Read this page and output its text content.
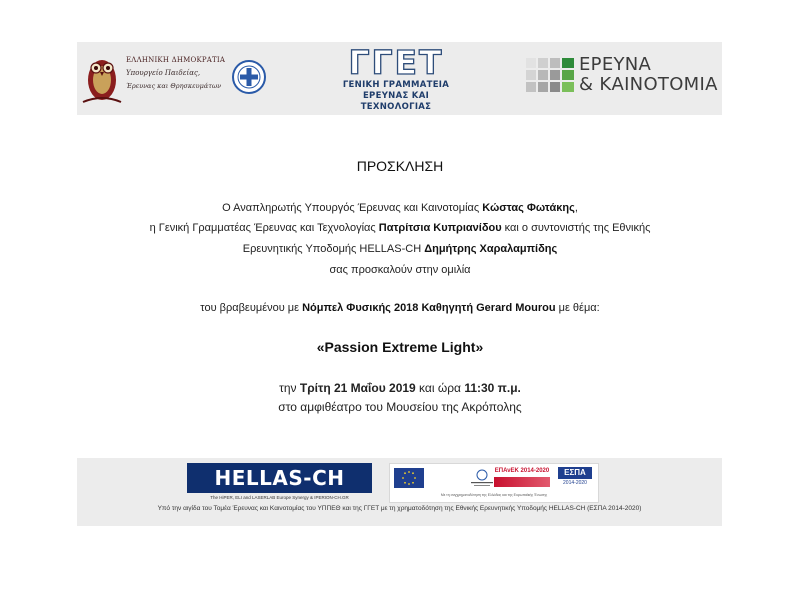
ΕΛΛΗΝΙΚΗ ΔΗΜΟΚΡΑΤΙΑ
Υπουργείο Παιδείας,
Έρευνας και Θρησκευμάτων
ΓΓΕΤ
ΓΕΝΙΚΗ ΓΡΑΜΜΑΤΕΙΑ
ΕΡΕΥΝΑΣ ΚΑΙ ΤΕΧΝΟΛΟΓΙΑΣ
ΕΡΕΥΝΑ
& ΚΑΙΝΟΤΟΜΙΑ
ΠΡΟΣΚΛΗΣΗ
Ο Αναπληρωτής Υπουργός Έρευνας και Καινοτομίας Κώστας Φωτάκης,
η Γενική Γραμματέας Έρευνας και Τεχνολογίας Πατρίτσια Κυπριανίδου και ο συντονιστής της Εθνικής
Ερευνητικής Υποδομής HELLAS-CH Δημήτρης Χαραλαμπίδης
σας προσκαλούν στην ομιλία
του βραβευμένου με Νόμπελ Φυσικής 2018 Καθηγητή Gerard Mourou με θέμα:
«Passion Extreme Light»
την Τρίτη 21 Μαΐου 2019 και ώρα 11:30 π.μ.
στο αμφιθέατρο του Μουσείου της Ακρόπολης
HELLAS-CH
The HiPER, ELI and LASERLAB Europe Synergy & IPERION-CH.GR
ΕΠΑνΕΚ 2014-2020	ΕΣΠΑ
2014-2020
Με τη συγχρηματοδότηση της Ελλάδας και της Ευρωπαϊκής Ένωσης
Υπό την αιγίδα του Τομέα Έρευνας και Καινοτομίας του ΥΠΠΕΘ και της ΓΓΕΤ με τη χρηματοδότηση της Εθνικής Ερευνητικής Υποδομής HELLAS-CH (ΕΣΠΑ 2014-2020)
